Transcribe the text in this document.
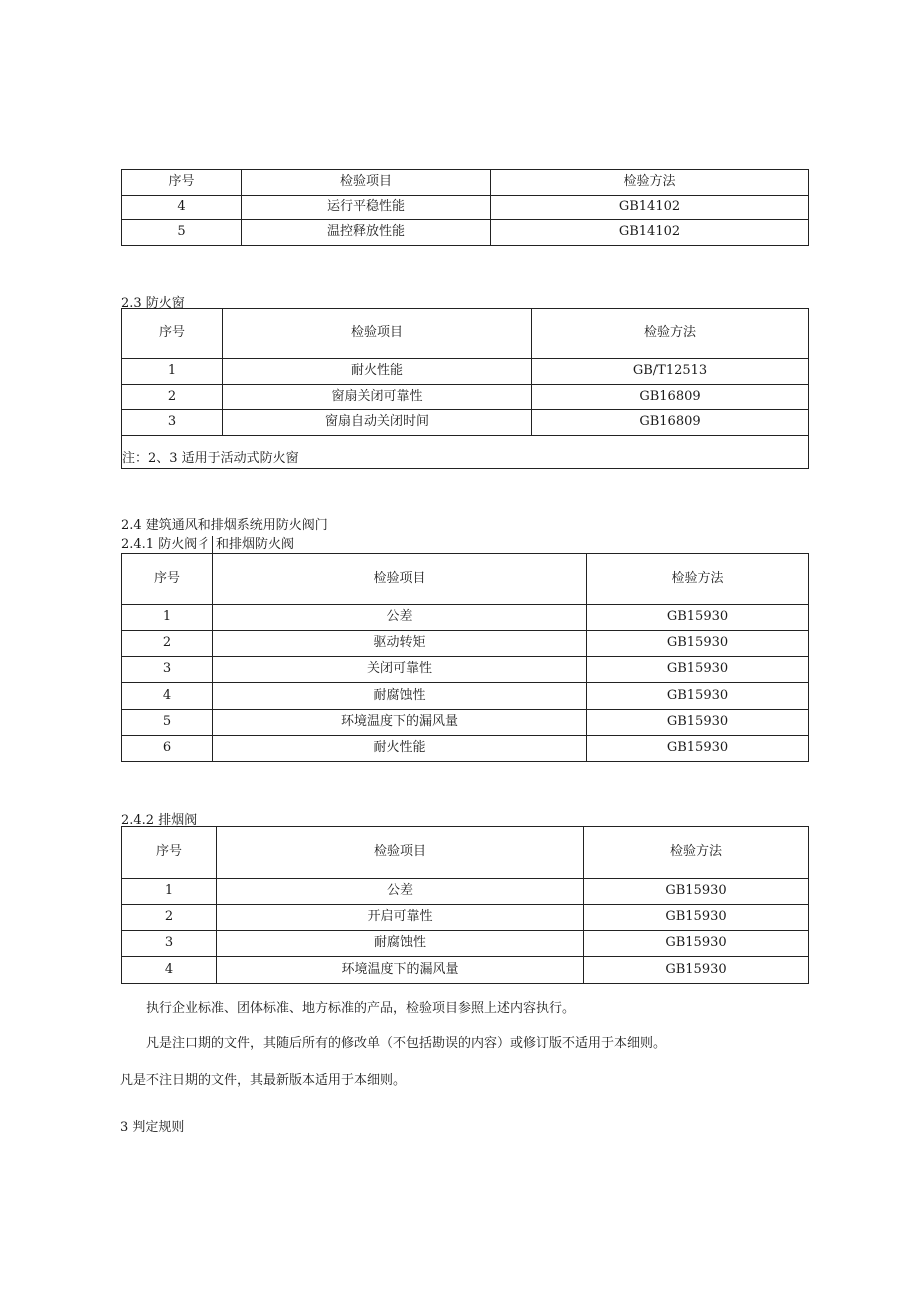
序号	检验项目	检验方法
4	运行平稳性能	GB14102
5	温控释放性能	GB14102
2.3 防火窗
序号	检验项目	检验方法
1	耐火性能	GB/T12513
2	窗扇关闭可靠性	GB16809
3	窗扇自动关闭时间	GB16809
注：2、3 适用于活动式防火窗		
2.4 建筑通风和排烟系统用防火阀门
2.4.1 防火阀彳 和排烟防火阀
序号	检验项目	检验方法
1	公差	GB15930
2	驱动转矩	GB15930
3	关闭可靠性	GB15930
4	耐腐蚀性	GB15930
5	环境温度下的漏风量	GB15930
6	耐火性能	GB15930
2.4.2 排烟阀
序号	检验项目	检验方法
1	公差	GB15930
2	开启可靠性	GB15930
3	耐腐蚀性	GB15930
4	环境温度下的漏风量	GB15930
执行企业标准、团体标准、地方标准的产品，检验项目参照上述内容执行。
凡是注口期的文件，其随后所有的修改单（不包括勘误的内容）或修订版不适用于本细则。
凡是不注日期的文件，其最新版本适用于本细则。
3 判定规则
